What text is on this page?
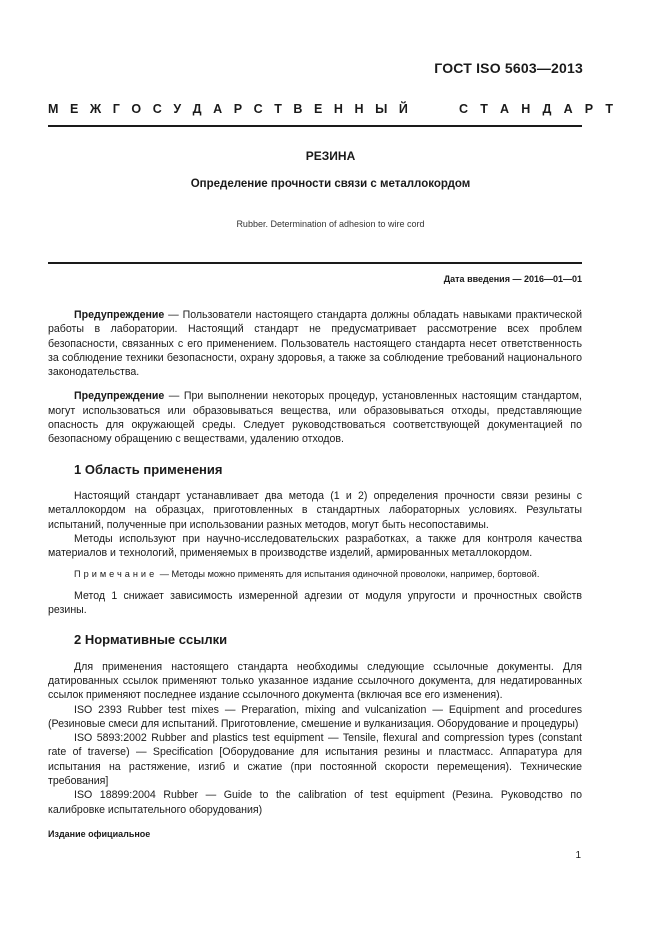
ГОСТ ISO 5603—2013
М Е Ж Г О С У Д А Р С Т В Е Н Н Ы Й	С Т А Н Д А Р Т
РЕЗИНА
Определение прочности связи с металлокордом
Rubber. Determination of adhesion to wire cord
Дата введения — 2016—01—01

Предупреждение — Пользователи настоящего стандарта должны обладать навыками практической работы в лаборатории. Настоящий стандарт не предусматривает рассмотрение всех проблем безопасности, связанных с его применением. Пользователь настоящего стандарта несет ответственность за соблюдение техники безопасности, охрану здоровья, а также за соблюдение требований национального законодательства.

Предупреждение — При выполнении некоторых процедур, установленных настоящим стандартом, могут использоваться или образовываться вещества, или образовываться отходы, представляющие опасность для окружающей среды. Следует руководствоваться соответствующей документацией по безопасному обращению с веществами, удалению отходов.

1 Область применения

Настоящий стандарт устанавливает два метода (1 и 2) определения прочности связи резины с металлокордом на образцах, приготовленных в стандартных лабораторных условиях. Результаты испытаний, полученные при использовании разных методов, могут быть несопоставимы.

Методы используют при научно-исследовательских разработках, а также для контроля качества материалов и технологий, применяемых в производстве изделий, армированных металлокордом.

Примечание — Методы можно применять для испытания одиночной проволоки, например, бортовой.

Метод 1 снижает зависимость измеренной адгезии от модуля упругости и прочностных свойств резины.

2 Нормативные ссылки

Для применения настоящего стандарта необходимы следующие ссылочные документы. Для датированных ссылок применяют только указанное издание ссылочного документа, для недатированных ссылок применяют последнее издание ссылочного документа (включая все его изменения).

ISO 2393 Rubber test mixes — Preparation, mixing and vulcanization — Equipment and procedures (Резиновые смеси для испытаний. Приготовление, смешение и вулканизация. Оборудование и процедуры)

ISO 5893:2002 Rubber and plastics test equipment — Tensile, flexural and compression types (constant rate of traverse) — Specification [Оборудование для испытания резины и пластмасс. Аппаратура для испытания на растяжение, изгиб и сжатие (при постоянной скорости перемещения). Технические требования]

ISO 18899:2004 Rubber — Guide to the calibration of test equipment (Резина. Руководство по калибровке испытательного оборудования)

Издание официальное
1
